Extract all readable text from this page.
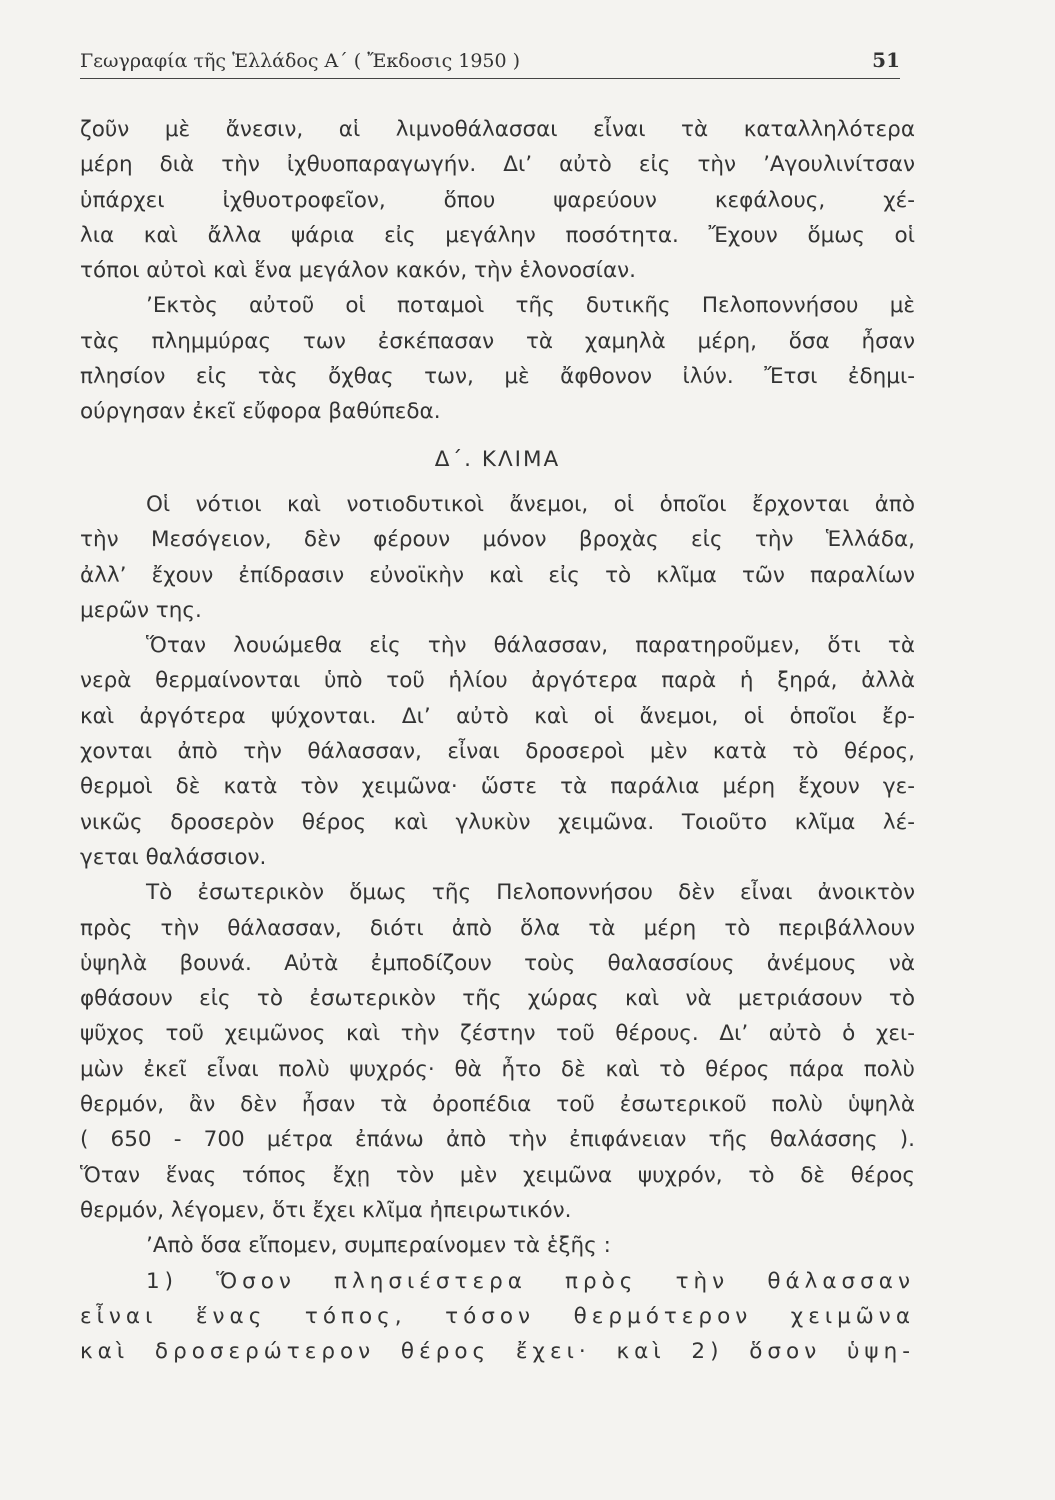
Γεωγραφία τῆς Ἑλλάδος Α΄ ( Ἔκδοσις 1950 )	51
ζοῦν μὲ ἄνεσιν, αἱ λιμνοθάλασσαι εἶναι τὰ καταλληλότερα
μέρη διὰ τὴν ἰχθυοπαραγωγήν. Δι’ αὐτὸ εἰς τὴν ’Αγουλινίτσαν
ὑπάρχει ἰχθυοτροφεῖον, ὅπου ψαρεύουν κεφάλους, χέ-
λια καὶ ἄλλα ψάρια εἰς μεγάλην ποσότητα. Ἔχουν ὅμως οἱ
τόποι αὐτοὶ καὶ ἕνα μεγάλον κακόν, τὴν ἑλονοσίαν.
’Εκτὸς αὐτοῦ οἱ ποταμοὶ τῆς δυτικῆς Πελοποννήσου μὲ
τὰς πλημμύρας των ἐσκέπασαν τὰ χαμηλὰ μέρη, ὅσα ἦσαν
πλησίον εἰς τὰς ὄχθας των, μὲ ἄφθονον ἰλύν. Ἔτσι ἐδημι-
ούργησαν ἐκεῖ εὔφορα βαθύπεδα.
Δ΄. ΚΛΙΜΑ
Οἱ νότιοι καὶ νοτιοδυτικοὶ ἄνεμοι, οἱ ὁποῖοι ἔρχονται ἀπὸ
τὴν Μεσόγειον, δὲν φέρουν μόνον βροχὰς εἰς τὴν Ἑλλάδα,
ἀλλ’ ἔχουν ἐπίδρασιν εὐνοϊκὴν καὶ εἰς τὸ κλῖμα τῶν παραλίων
μερῶν της.
Ὅταν λουώμεθα εἰς τὴν θάλασσαν, παρατηροῦμεν, ὅτι τὰ
νερὰ θερμαίνονται ὑπὸ τοῦ ἡλίου ἀργότερα παρὰ ἡ ξηρά, ἀλλὰ
καὶ ἀργότερα ψύχονται. Δι’ αὐτὸ καὶ οἱ ἄνεμοι, οἱ ὁποῖοι ἔρ-
χονται ἀπὸ τὴν θάλασσαν, εἶναι δροσεροὶ μὲν κατὰ τὸ θέρος,
θερμοὶ δὲ κατὰ τὸν χειμῶνα· ὥστε τὰ παράλια μέρη ἔχουν γε-
νικῶς δροσερὸν θέρος καὶ γλυκὺν χειμῶνα. Τοιοῦτο κλῖμα λέ-
γεται θαλάσσιον.
Τὸ ἐσωτερικὸν ὅμως τῆς Πελοποννήσου δὲν εἶναι ἀνοικτὸν
πρὸς τὴν θάλασσαν, διότι ἀπὸ ὅλα τὰ μέρη τὸ περιβάλλουν
ὑψηλὰ βουνά. Αὐτὰ ἐμποδίζουν τοὺς θαλασσίους ἀνέμους νὰ
φθάσουν εἰς τὸ ἐσωτερικὸν τῆς χώρας καὶ νὰ μετριάσουν τὸ
ψῦχος τοῦ χειμῶνος καὶ τὴν ζέστην τοῦ θέρους. Δι’ αὐτὸ ὁ χει-
μὼν ἐκεῖ εἶναι πολὺ ψυχρός· θὰ ἦτο δὲ καὶ τὸ θέρος πάρα πολὺ
θερμόν, ἂν δὲν ἦσαν τὰ ὀροπέδια τοῦ ἐσωτερικοῦ πολὺ ὑψηλὰ
( 650 - 700 μέτρα ἐπάνω ἀπὸ τὴν ἐπιφάνειαν τῆς θαλάσσης ).
Ὅταν ἕνας τόπος ἔχῃ τὸν μὲν χειμῶνα ψυχρόν, τὸ δὲ θέρος
θερμόν, λέγομεν, ὅτι ἔχει κλῖμα ἠπειρωτικόν.
’Απὸ ὅσα εἴπομεν, συμπεραίνομεν τὰ ἑξῆς :
1) Ὅσον πλησιέστερα πρὸς τὴν θάλασσαν
εἶναι ἕνας τόπος, τόσον θερμότερον χειμῶνα
καὶ δροσερώτερον θέρος ἔχει· καὶ 2) ὅσον ὑψη-
